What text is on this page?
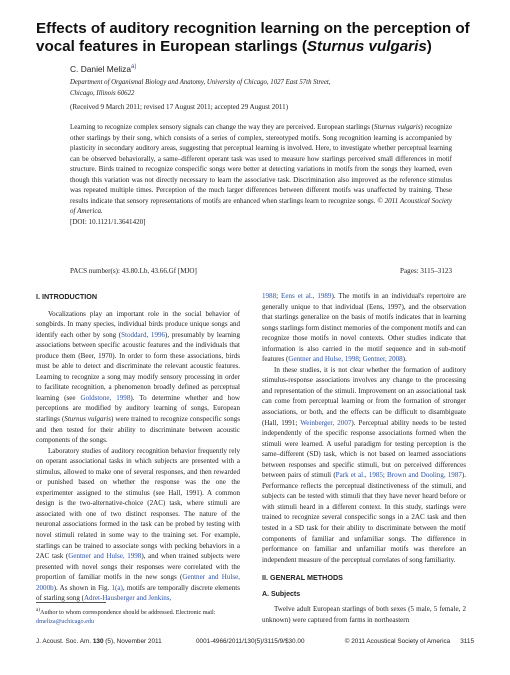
Effects of auditory recognition learning on the perception of vocal features in European starlings (Sturnus vulgaris)
C. Daniel Meliza$^{a)}$
Department of Organismal Biology and Anatomy, University of Chicago, 1027 East 57th Street,
Chicago, Illinois 60622
(Received 9 March 2011; revised 17 August 2011; accepted 29 August 2011)
Learning to recognize complex sensory signals can change the way they are perceived. European starlings (Sturnus vulgaris) recognize other starlings by their song, which consists of a series of complex, stereotyped motifs. Song recognition learning is accompanied by plasticity in secondary auditory areas, suggesting that perceptual learning is involved. Here, to investigate whether perceptual learning can be observed behaviorally, a same–different operant task was used to measure how starlings perceived small differences in motif structure. Birds trained to recognize conspecific songs were better at detecting variations in motifs from the songs they learned, even though this variation was not directly necessary to learn the associative task. Discrimination also improved as the reference stimulus was repeated multiple times. Perception of the much larger differences between different motifs was unaffected by training. These results indicate that sensory representations of motifs are enhanced when starlings learn to recognize songs. © 2011 Acoustical Society of America.
[DOI: 10.1121/1.3641420]
PACS number(s): 43.80.Lb, 43.66.Gf [MJO]	Pages: 3115–3123
I. INTRODUCTION

Vocalizations play an important role in the social behavior of songbirds. In many species, individual birds produce unique songs and identify each other by song (Stoddard, 1996), presumably by learning associations between specific acoustic features and the individuals that produce them (Beer, 1970). In order to form these associations, birds must be able to detect and discriminate the relevant acoustic features. Learning to recognize a song may modify sensory processing in order to facilitate recognition, a phenomenon broadly defined as perceptual learning (see Goldstone, 1998). To determine whether and how perceptions are modified by auditory learning of songs, European starlings (Sturnus vulgaris) were trained to recognize conspecific songs and then tested for their ability to discriminate between acoustic components of the songs.

Laboratory studies of auditory recognition behavior frequently rely on operant associational tasks in which subjects are presented with a stimulus, allowed to make one of several responses, and then rewarded or punished based on whether the response was the one the experimenter assigned to the stimulus (see Hall, 1991). A common design is the two-alternative-choice (2AC) task, where stimuli are associated with one of two distinct responses. The nature of the neuronal associations formed in the task can be probed by testing with novel stimuli related in some way to the training set. For example, starlings can be trained to associate songs with pecking behaviors in a 2AC task (Gentner and Hulse, 1998), and when trained subjects were presented with novel songs their responses were correlated with the proportion of familiar motifs in the new songs (Gentner and Hulse, 2000b). As shown in Fig. 1(a), motifs are temporally discrete elements of starling song (Adret-Hausberger and Jenkins,

1988; Eens et al., 1989). The motifs in an individual's repertoire are generally unique to that individual (Eens, 1997), and the observation that starlings generalize on the basis of motifs indicates that in learning songs starlings form distinct memories of the component motifs and can recognize those motifs in novel contexts. Other studies indicate that information is also carried in the motif sequence and in sub-motif features (Gentner and Hulse, 1998; Gentner, 2008).

In these studies, it is not clear whether the formation of auditory stimulus-response associations involves any change to the processing and representation of the stimuli. Improvement on an associational task can come from perceptual learning or from the formation of stronger associations, or both, and the effects can be difficult to disambiguate (Hall, 1991; Weinberger, 2007). Perceptual ability needs to be tested independently of the specific response associations formed when the stimuli were learned. A useful paradigm for testing perception is the same–different (SD) task, which is not based on learned associations between responses and specific stimuli, but on perceived differences between pairs of stimuli (Park et al., 1985; Brown and Dooling, 1987). Performance reflects the perceptual distinctiveness of the stimuli, and subjects can be tested with stimuli that they have never heard before or with stimuli heard in a different context. In this study, starlings were trained to recognize several conspecific songs in a 2AC task and then tested in a SD task for their ability to discriminate between the motif components of familiar and unfamiliar songs. The difference in performance on familiar and unfamiliar motifs was therefore an independent measure of the perceptual correlates of song familiarity.

II. GENERAL METHODS
A. Subjects

Twelve adult European starlings of both sexes (5 male, 5 female, 2 unknown) were captured from farms in northeastern

$^{a)}$Author to whom correspondence should be addressed. Electronic mail: dmeliza@uchicago.edu
J. Acoust. Soc. Am. 130 (5), November 2011	0001-4966/2011/130(5)/3115/9/$30.00	© 2011 Acoustical Society of America 3115
